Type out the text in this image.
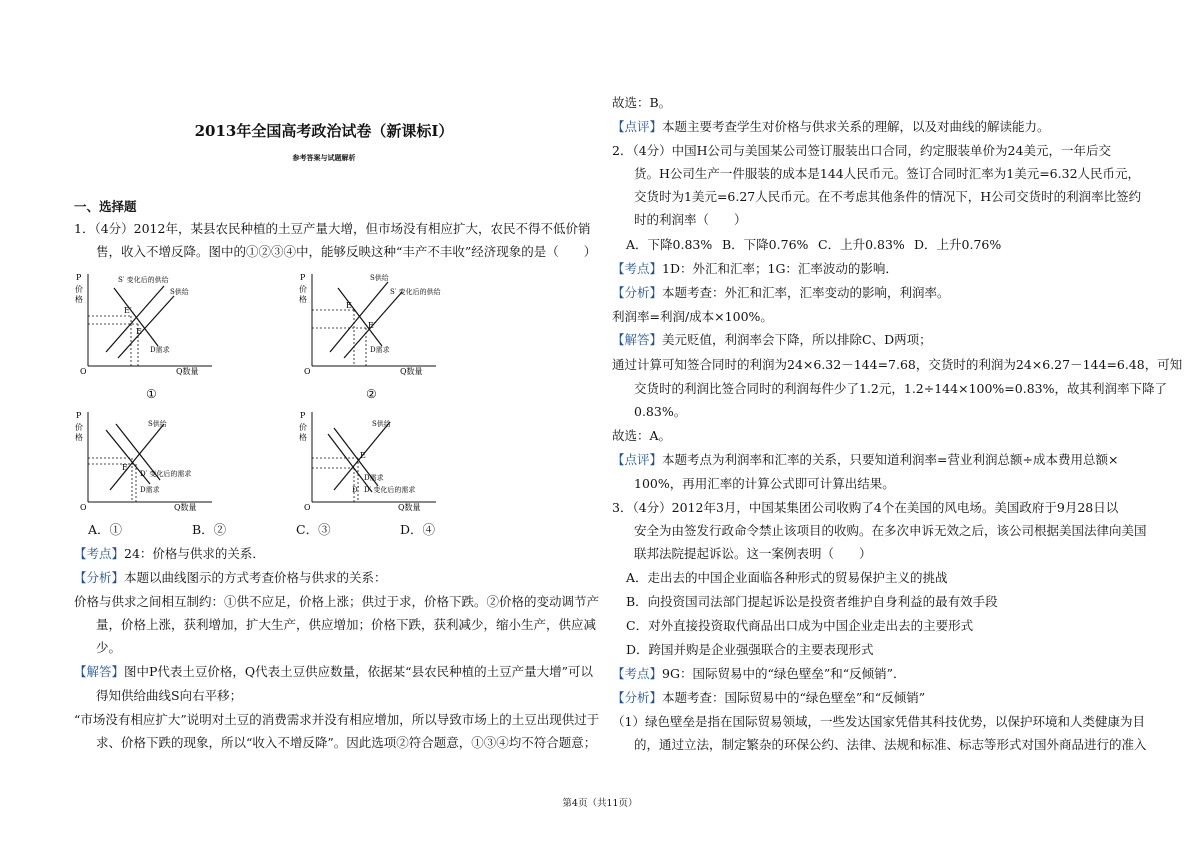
2013年全国高考政治试卷（新课标Ⅰ）
参考答案与试题解析
一、选择题
1．（4分）2012年，某县农民种植的土豆产量大增，但市场没有相应扩大，农民不得不低价销
售，收入不增反降。图中的①②③④中，能够反映这种“丰产不丰收”经济现象的是（　　）
P
价
格
O	Q数量
E′
E
S′ 变化后的供给
S供给
D需求
①
P
价
格
O	Q数量
E
E′
S供给
S′ 变化后的供给
D需求
②
P
价
格
O	Q数量
E
S供给
D′ 变化后的需求
D需求
P
价
格
O	Q数量
E
S供给
D需求
D′ D′ 变化后的需求
A．①	B．②	C．③	D．④
【考点】24：价格与供求的关系．
【分析】本题以曲线图示的方式考查价格与供求的关系：
价格与供求之间相互制约：①供不应足，价格上涨；供过于求，价格下跌。②价格的变动调节产
量，价格上涨，获利增加，扩大生产，供应增加；价格下跌，获利减少，缩小生产，供应减
少。
【解答】图中P代表土豆价格，Q代表土豆供应数量，依据某“县农民种植的土豆产量大增”可以
得知供给曲线S向右平移；
“市场没有相应扩大”说明对土豆的消费需求并没有相应增加，所以导致市场上的土豆出现供过于
求、价格下跌的现象，所以“收入不增反降”。因此选项②符合题意，①③④均不符合题意；
故选：B。
【点评】本题主要考查学生对价格与供求关系的理解，以及对曲线的解读能力。
2．（4分）中国H公司与美国某公司签订服装出口合同，约定服装单价为24美元，一年后交
货。H公司生产一件服装的成本是144人民币元。签订合同时汇率为1美元=6.32人民币元，
交货时为1美元=6.27人民币元。在不考虑其他条件的情况下，H公司交货时的利润率比签约
时的利润率（　　）
A．下降0.83% B．下降0.76% C．上升0.83% D．上升0.76%
【考点】1D：外汇和汇率；1G：汇率波动的影响．
【分析】本题考查：外汇和汇率，汇率变动的影响，利润率。
利润率=利润/成本×100%。
【解答】美元贬值，利润率会下降，所以排除C、D两项；
通过计算可知签合同时的利润为24×6.32－144=7.68，交货时的利润为24×6.27－144=6.48，可知
交货时的利润比签合同时的利润每件少了1.2元，1.2÷144×100%=0.83%，故其利润率下降了
0.83%。
故选：A。
【点评】本题考点为利润率和汇率的关系，只要知道利润率=营业利润总额÷成本费用总额×
100%，再用汇率的计算公式即可计算出结果。
3．（4分）2012年3月，中国某集团公司收购了4个在美国的风电场。美国政府于9月28日以
安全为由签发行政命令禁止该项目的收购。在多次申诉无效之后，该公司根据美国法律向美国
联邦法院提起诉讼。这一案例表明（　　）
A．走出去的中国企业面临各种形式的贸易保护主义的挑战
B．向投资国司法部门提起诉讼是投资者维护自身利益的最有效手段
C．对外直接投资取代商品出口成为中国企业走出去的主要形式
D．跨国并购是企业强强联合的主要表现形式
【考点】9G：国际贸易中的“绿色壁垒”和“反倾销”．
【分析】本题考查：国际贸易中的“绿色壁垒”和“反倾销”
（1）绿色壁垒是指在国际贸易领域，一些发达国家凭借其科技优势，以保护环境和人类健康为目
的，通过立法，制定繁杂的环保公约、法律、法规和标准、标志等形式对国外商品进行的准入
第4页（共11页）
